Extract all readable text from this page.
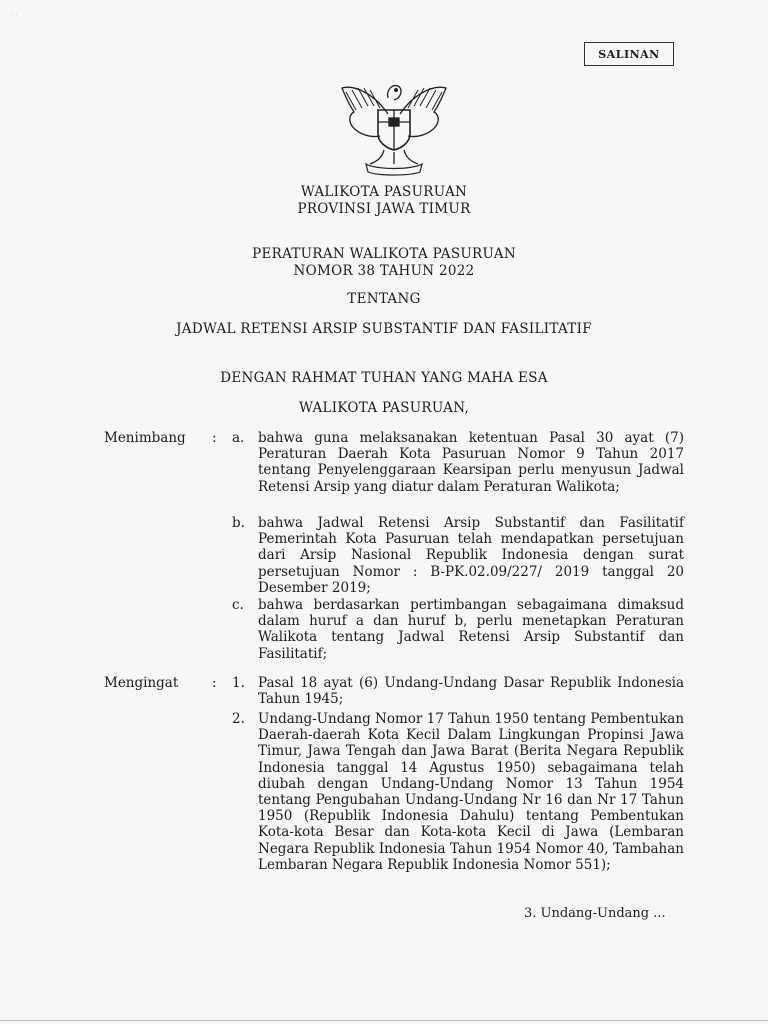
· ·
SALINAN
WALIKOTA PASURUAN
PROVINSI JAWA TIMUR
PERATURAN WALIKOTA PASURUAN
NOMOR 38 TAHUN 2022
TENTANG
JADWAL RETENSI ARSIP SUBSTANTIF DAN FASILITATIF
DENGAN RAHMAT TUHAN YANG MAHA ESA
WALIKOTA PASURUAN,
Menimbang : a. bahwa guna melaksanakan ketentuan Pasal 30 ayat (7) Peraturan Daerah Kota Pasuruan Nomor 9 Tahun 2017 tentang Penyelenggaraan Kearsipan perlu menyusun Jadwal Retensi Arsip yang diatur dalam Peraturan Walikota;
b. bahwa Jadwal Retensi Arsip Substantif dan Fasilitatif Pemerintah Kota Pasuruan telah mendapatkan persetujuan dari Arsip Nasional Republik Indonesia dengan surat persetujuan Nomor : B-PK.02.09/227/ 2019 tanggal 20 Desember 2019;
c. bahwa berdasarkan pertimbangan sebagaimana dimaksud dalam huruf a dan huruf b, perlu menetapkan Peraturan Walikota tentang Jadwal Retensi Arsip Substantif dan Fasilitatif;
Mengingat : 1. Pasal 18 ayat (6) Undang-Undang Dasar Republik Indonesia Tahun 1945;
2. Undang-Undang Nomor 17 Tahun 1950 tentang Pembentukan Daerah-daerah Kota Kecil Dalam Lingkungan Propinsi Jawa Timur, Jawa Tengah dan Jawa Barat (Berita Negara Republik Indonesia tanggal 14 Agustus 1950) sebagaimana telah diubah dengan Undang-Undang Nomor 13 Tahun 1954 tentang Pengubahan Undang-Undang Nr 16 dan Nr 17 Tahun 1950 (Republik Indonesia Dahulu) tentang Pembentukan Kota-kota Besar dan Kota-kota Kecil di Jawa (Lembaran Negara Republik Indonesia Tahun 1954 Nomor 40, Tambahan Lembaran Negara Republik Indonesia Nomor 551);
3. Undang-Undang ...
